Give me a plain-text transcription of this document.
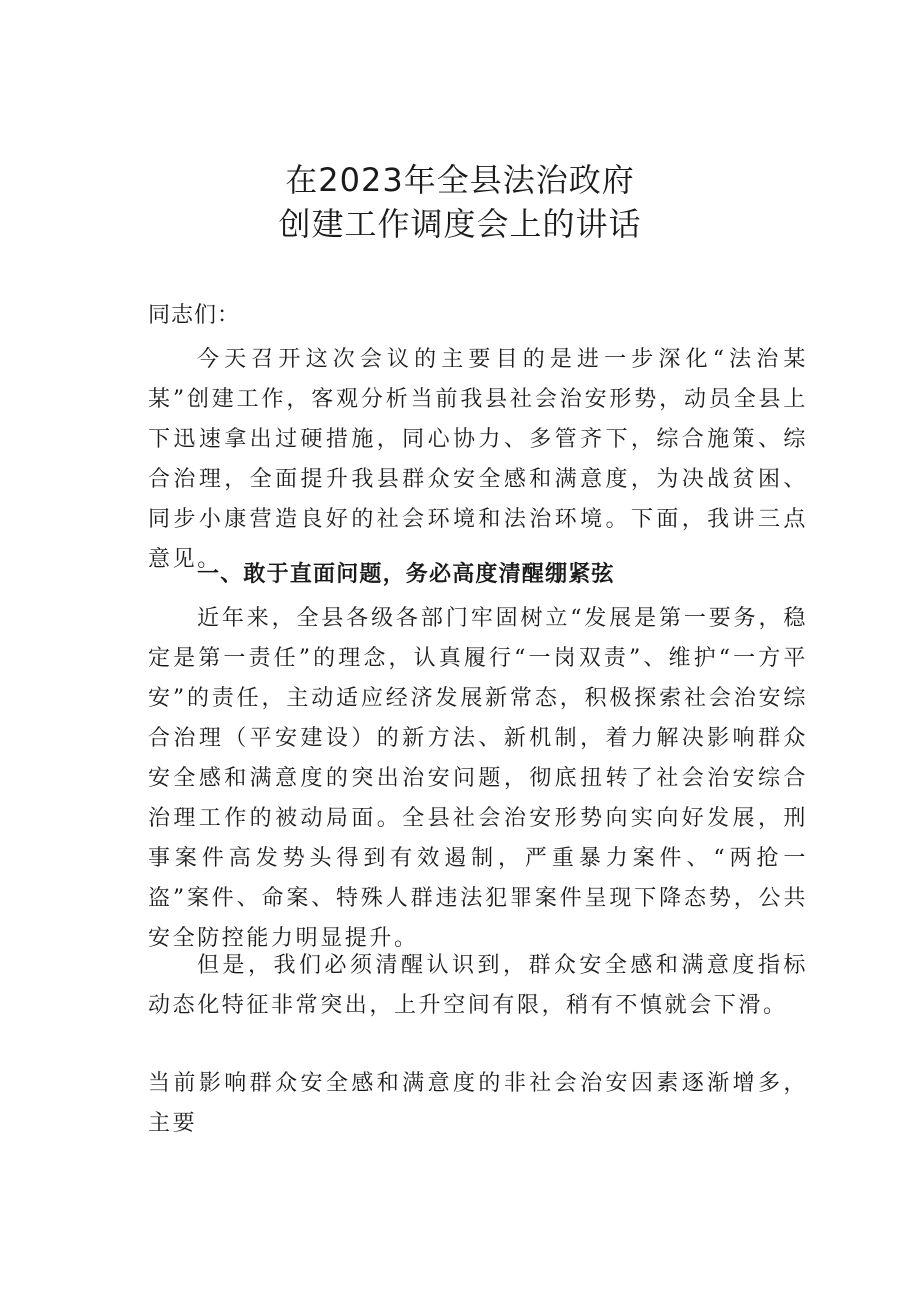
在2023年全县法治政府
创建工作调度会上的讲话
同志们：
今天召开这次会议的主要目的是进一步深化“法治某某”创建工作，客观分析当前我县社会治安形势，动员全县上下迅速拿出过硬措施，同心协力、多管齐下，综合施策、综合治理，全面提升我县群众安全感和满意度，为决战贫困、同步小康营造良好的社会环境和法治环境。下面，我讲三点意见。
一、敢于直面问题，务必高度清醒绷紧弦
近年来，全县各级各部门牢固树立“发展是第一要务，稳定是第一责任”的理念，认真履行“一岗双责”、维护“一方平安”的责任，主动适应经济发展新常态，积极探索社会治安综合治理（平安建设）的新方法、新机制，着力解决影响群众安全感和满意度的突出治安问题，彻底扭转了社会治安综合治理工作的被动局面。全县社会治安形势向实向好发展，刑事案件高发势头得到有效遏制，严重暴力案件、“两抢一盗”案件、命案、特殊人群违法犯罪案件呈现下降态势，公共安全防控能力明显提升。
但是，我们必须清醒认识到，群众安全感和满意度指标动态化特征非常突出，上升空间有限，稍有不慎就会下滑。
当前影响群众安全感和满意度的非社会治安因素逐渐增多，主要
